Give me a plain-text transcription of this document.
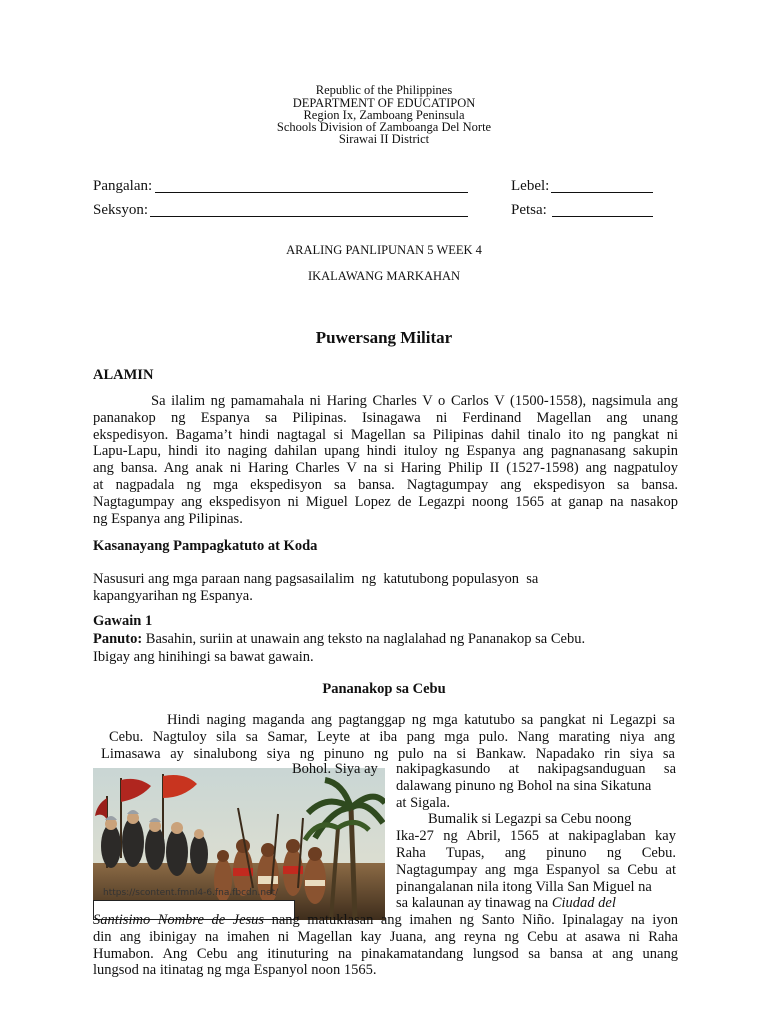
Republic of the Philippines
DEPARTMENT OF EDUCATIPON
Region Ix, Zamboang Peninsula
Schools Division of Zamboanga Del Norte
Sirawai II District
Pangalan:	Lebel:
Seksyon:	Petsa:
ARALING PANLIPUNAN 5 WEEK 4
IKALAWANG MARKAHAN
Puwersang Militar
ALAMIN
Sa ilalim ng pamamahala ni Haring Charles V o Carlos V (1500-1558), nagsimula ang
pananakop ng Espanya sa Pilipinas. Isinagawa ni Ferdinand Magellan ang unang
ekspedisyon. Bagama’t hindi nagtagal si Magellan sa Pilipinas dahil tinalo ito ng pangkat ni
Lapu-Lapu, hindi ito naging dahilan upang hindi ituloy ng Espanya ang pagnanasang sakupin
ang bansa. Ang anak ni Haring Charles V na si Haring Philip II (1527-1598) ang nagpatuloy
at nagpadala ng mga ekspedisyon sa bansa. Nagtagumpay ang ekspedisyon sa bansa.
Nagtagumpay ang ekspedisyon ni Miguel Lopez de Legazpi noong 1565 at ganap na nasakop
ng Espanya ang Pilipinas.
Kasanayang Pampagkatuto at Koda
Nasusuri ang mga paraan nang pagsasailalim  ng  katutubong populasyon  sa
kapangyarihan ng Espanya.
Gawain 1
Panuto: Basahin, suriin at unawain ang teksto na naglalahad ng Pananakop sa Cebu.
Ibigay ang hinihingi sa bawat gawain.
Pananakop sa Cebu
Hindi naging maganda ang pagtanggap ng mga katutubo sa pangkat ni Legazpi sa
Cebu. Nagtuloy sila sa Samar, Leyte at iba pang mga pulo. Nang marating niya ang
Limasawa ay sinalubong siya ng pinuno ng pulo na si Bankaw. Napadako rin siya sa
https://scontent.fmnl4-6.fna.fbcdn.net/
Bohol. Siya ay nakipagkasundo at nakipagsanduguan sa
dalawang pinuno ng Bohol na sina Sikatuna
at Sigala.
Bumalik si Legazpi sa Cebu noong
Ika-27 ng Abril, 1565 at nakipaglaban kay
Raha Tupas, ang pinuno ng Cebu.
Nagtagumpay ang mga Espanyol sa Cebu at
pinangalanan nila itong Villa San Miguel na
sa kalaunan ay tinawag na Ciudad del
Santisimo Nombre de Jesus nang matuklasan ang imahen ng Santo Niño. Ipinalagay na iyon
din ang ibinigay na imahen ni Magellan kay Juana, ang reyna ng Cebu at asawa ni Raha
Humabon. Ang Cebu ang itinuturing na pinakamatandang lungsod sa bansa at ang unang
lungsod na itinatag ng mga Espanyol noon 1565.
